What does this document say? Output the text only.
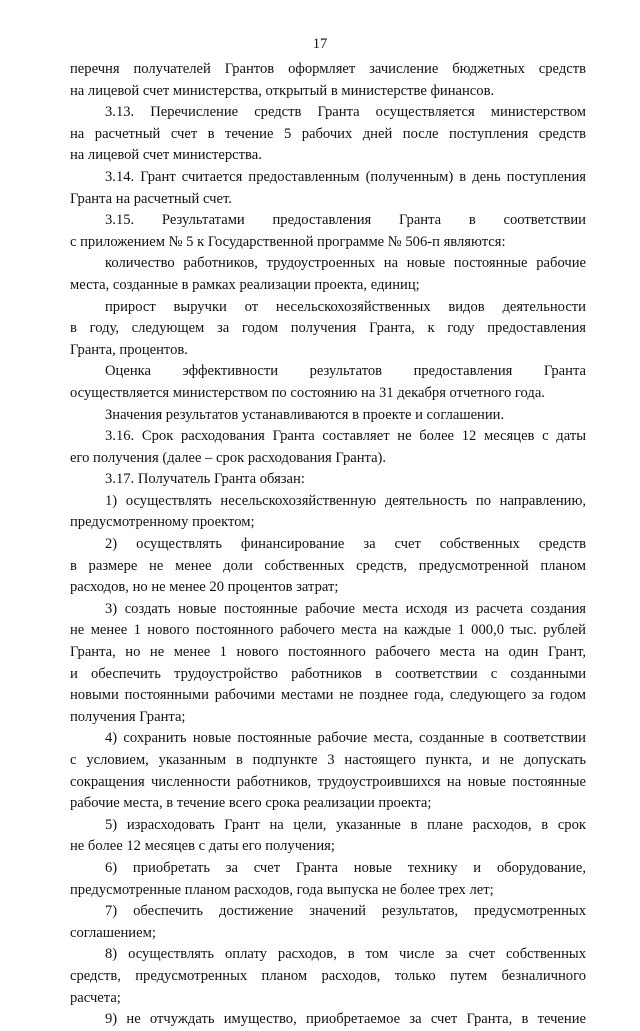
17
перечня получателей Грантов оформляет зачисление бюджетных средств
на лицевой счет министерства, открытый в министерстве финансов.
3.13. Перечисление средств Гранта осуществляется министерством
на расчетный счет в течение 5 рабочих дней после поступления средств
на лицевой счет министерства.
3.14. Грант считается предоставленным (полученным) в день поступления
Гранта на расчетный счет.
3.15. Результатами предоставления Гранта в соответствии
с приложением № 5 к Государственной программе № 506-п являются:
количество работников, трудоустроенных на новые постоянные рабочие
места, созданные в рамках реализации проекта, единиц;
прирост выручки от несельскохозяйственных видов деятельности
в году, следующем за годом получения Гранта, к году предоставления
Гранта, процентов.
Оценка эффективности результатов предоставления Гранта
осуществляется министерством по состоянию на 31 декабря отчетного года.
Значения результатов устанавливаются в проекте и соглашении.
3.16. Срок расходования Гранта составляет не более 12 месяцев с даты
его получения (далее – срок расходования Гранта).
3.17. Получатель Гранта обязан:
1) осуществлять несельскохозяйственную деятельность по направлению,
предусмотренному проектом;
2) осуществлять финансирование за счет собственных средств
в размере не менее доли собственных средств, предусмотренной планом
расходов, но не менее 20 процентов затрат;
3) создать новые постоянные рабочие места исходя из расчета создания
не менее 1 нового постоянного рабочего места на каждые 1 000,0 тыс. рублей
Гранта, но не менее 1 нового постоянного рабочего места на один Грант,
и обеспечить трудоустройство работников в соответствии с созданными
новыми постоянными рабочими местами не позднее года, следующего за годом
получения Гранта;
4) сохранить новые постоянные рабочие места, созданные в соответствии
с условием, указанным в подпункте 3 настоящего пункта, и не допускать
сокращения численности работников, трудоустроившихся на новые постоянные
рабочие места, в течение всего срока реализации проекта;
5) израсходовать Грант на цели, указанные в плане расходов, в срок
не более 12 месяцев с даты его получения;
6) приобретать за счет Гранта новые технику и оборудование,
предусмотренные планом расходов, года выпуска не более трех лет;
7) обеспечить достижение значений результатов, предусмотренных
соглашением;
8) осуществлять оплату расходов, в том числе за счет собственных
средств, предусмотренных планом расходов, только путем безналичного
расчета;
9) не отчуждать имущество, приобретаемое за счет Гранта, в течение
